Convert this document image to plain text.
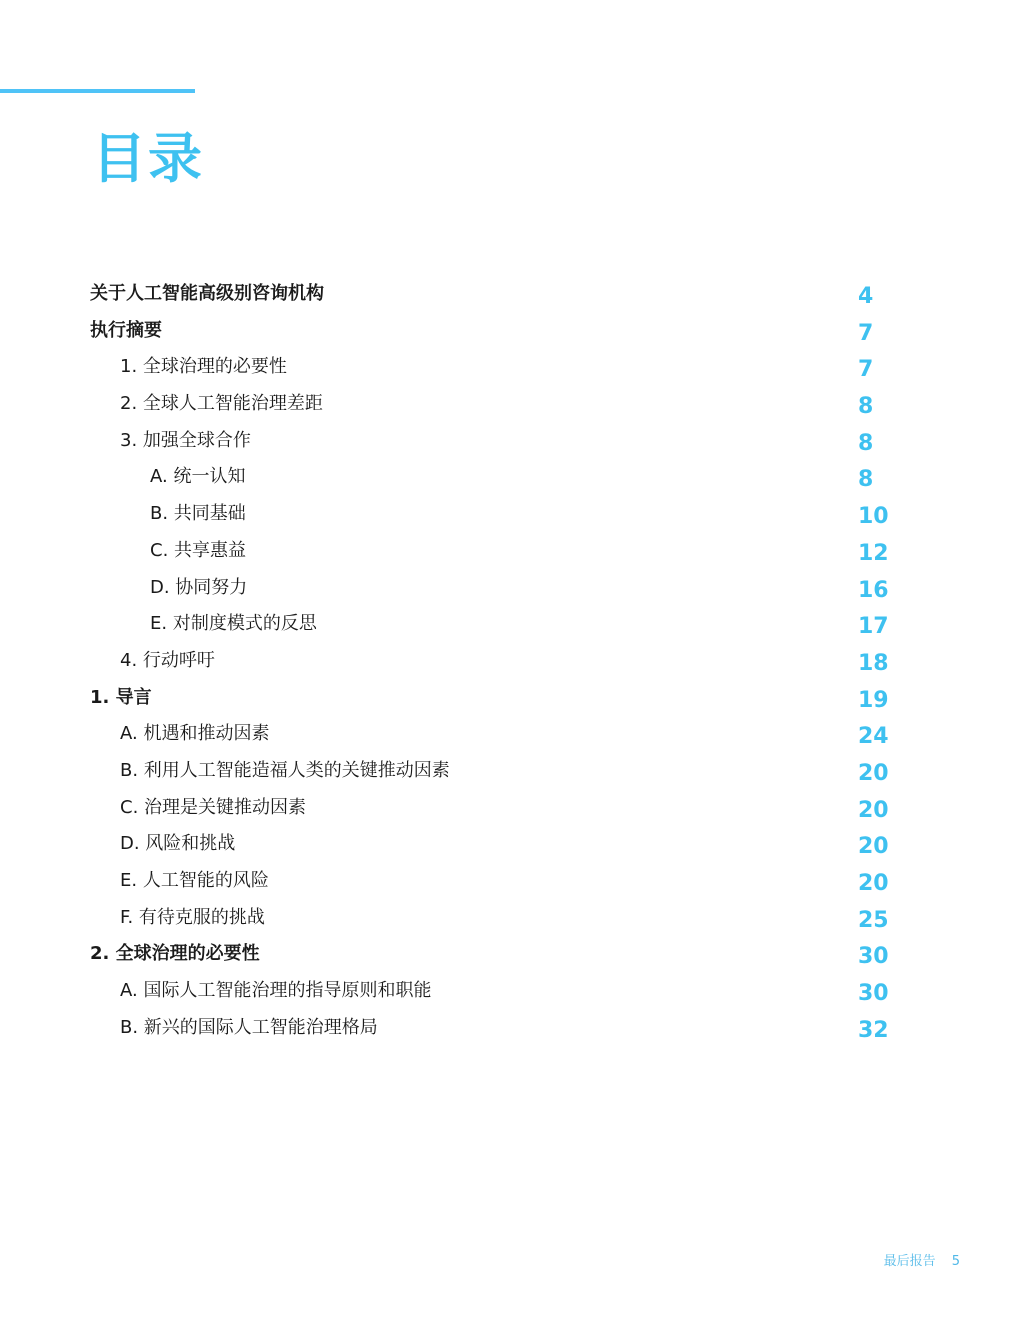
目录
关于人工智能高级别咨询机构	4
执行摘要	7
1. 全球治理的必要性	7
2. 全球人工智能治理差距	8
3. 加强全球合作	8
A. 统一认知	8
B. 共同基础	10
C. 共享惠益	12
D. 协同努力	16
E. 对制度模式的反思	17
4. 行动呼吁	18
1. 导言	19
A. 机遇和推动因素	24
B. 利用人工智能造福人类的关键推动因素	20
C. 治理是关键推动因素	20
D. 风险和挑战	20
E. 人工智能的风险	20
F. 有待克服的挑战	25
2. 全球治理的必要性	30
A. 国际人工智能治理的指导原则和职能	30
B. 新兴的国际人工智能治理格局	32
最后报告 5
